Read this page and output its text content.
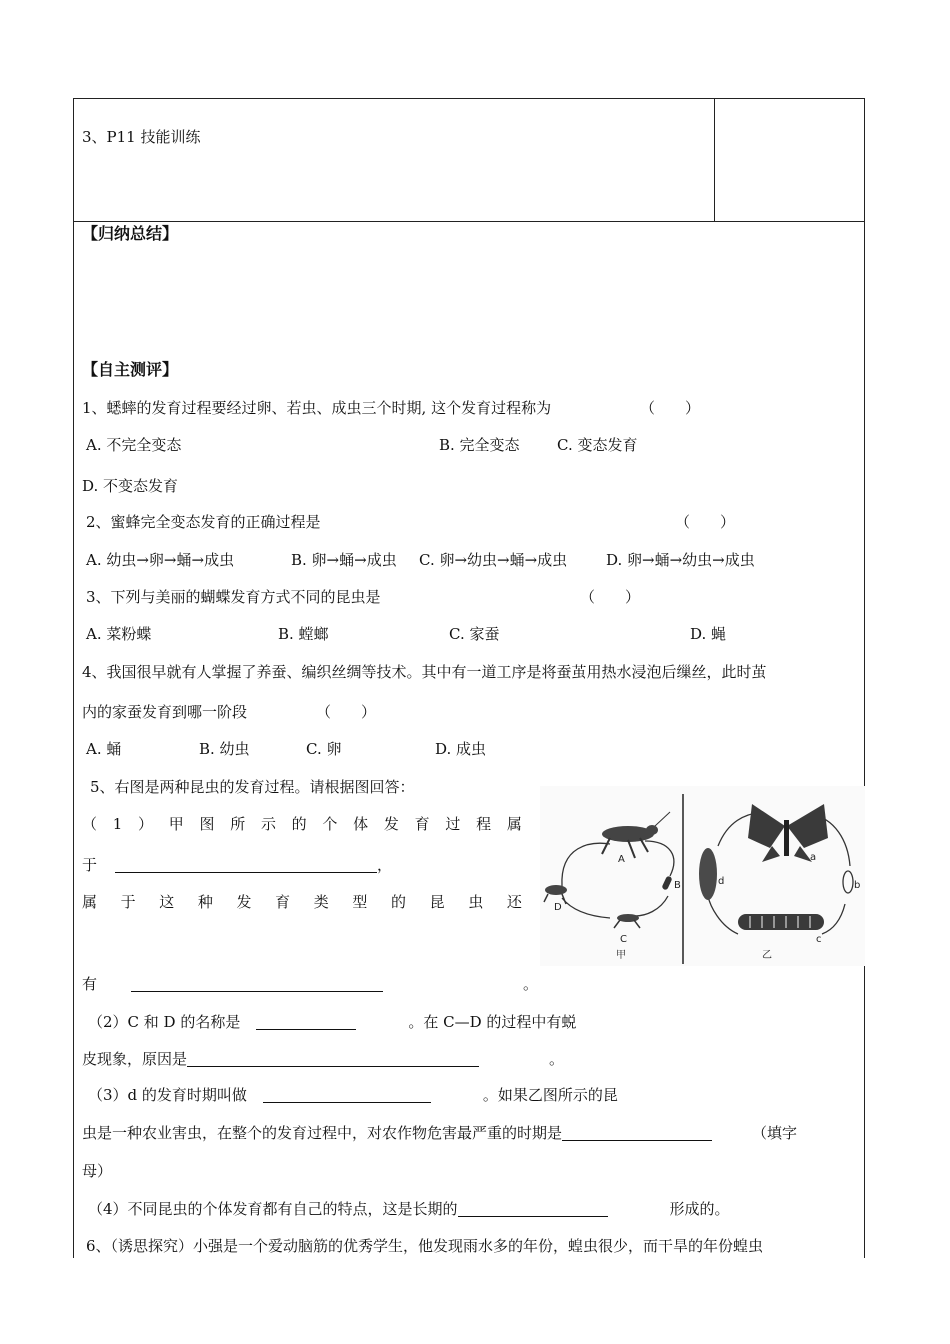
3、P11 技能训练
【归纳总结】
【自主测评】
1、蟋蟀的发育过程要经过卵、若虫、成虫三个时期, 这个发育过程称为	（　　）
A. 不完全变态	B. 完全变态 C. 变态发育
D. 不变态发育
2、蜜蜂完全变态发育的正确过程是	（　　）
A. 幼虫→卵→蛹→成虫	B. 卵→蛹→成虫 C. 卵→幼虫→蛹→成虫	D. 卵→蛹→幼虫→成虫
3、下列与美丽的蝴蝶发育方式不同的昆虫是	（　　）
A. 菜粉蝶	B. 螳螂	C. 家蚕	D. 蝇
4、我国很早就有人掌握了养蚕、编织丝绸等技术。其中有一道工序是将蚕茧用热水浸泡后缫丝，此时茧
内的家蚕发育到哪一阶段	（　　）
A. 蛹	B. 幼虫	C. 卵	D. 成虫
5、右图是两种昆虫的发育过程。请根据图回答：
（ 1 ） 甲 图 所 示 的 个 体 发 育 过 程 属
于	，
属 于 这 种 发 育 类 型 的 昆 虫 还
有	。
（2）C 和 D 的名称是	。在 C—D 的过程中有蜕
皮现象，原因是	。
（3）d 的发育时期叫做	。如果乙图所示的昆
虫是一种农业害虫，在整个的发育过程中，对农作物危害最严重的时期是	（填字
母）
（4）不同昆虫的个体发育都有自己的特点，这是长期的	形成的。
6、（诱思探究）小强是一个爱动脑筋的优秀学生，他发现雨水多的年份，蝗虫很少，而干旱的年份蝗虫
A
B
C
D
a
b
c
d
甲	乙
